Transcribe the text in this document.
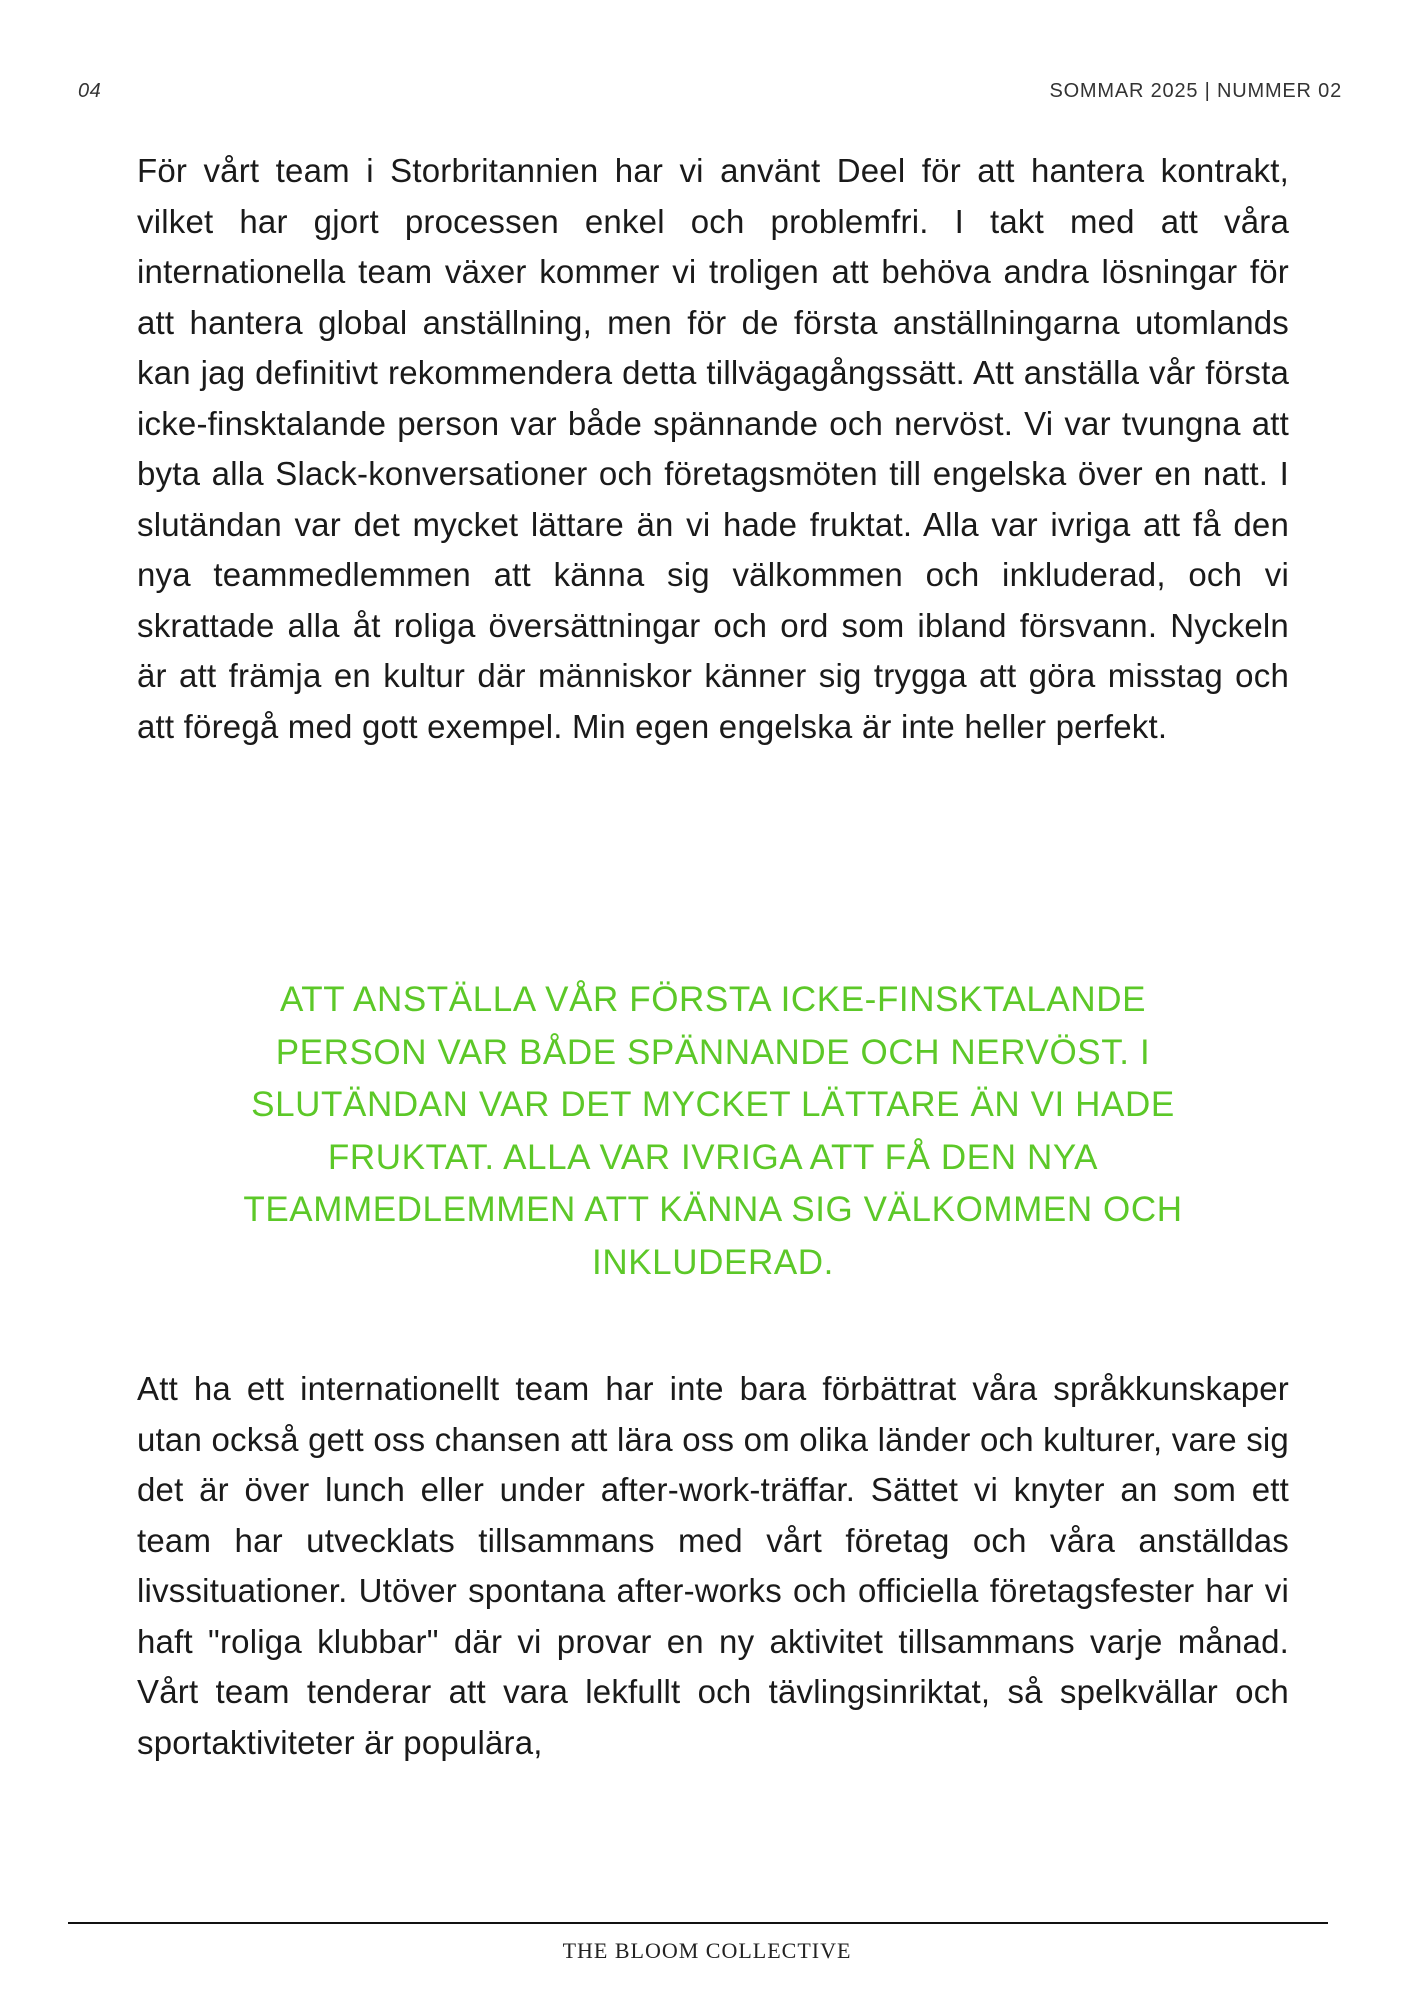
04	SOMMAR 2025 | NUMMER 02

För vårt team i Storbritannien har vi använt Deel för att hantera kontrakt, vilket har gjort processen enkel och problemfri. I takt med att våra internationella team växer kommer vi troligen att behöva andra lösningar för att hantera global anställning, men för de första anställningarna utomlands kan jag definitivt rekommendera detta tillvägagångssätt. Att anställa vår första icke-finsktalande person var både spännande och nervöst. Vi var tvungna att byta alla Slack-konversationer och företagsmöten till engelska över en natt. I slutändan var det mycket lättare än vi hade fruktat. Alla var ivriga att få den nya teammedlemmen att känna sig välkommen och inkluderad, och vi skrattade alla åt roliga översättningar och ord som ibland försvann. Nyckeln är att främja en kultur där människor känner sig trygga att göra misstag och att föregå med gott exempel. Min egen engelska är inte heller perfekt.

ATT ANSTÄLLA VÅR FÖRSTA ICKE-FINSKTALANDE
PERSON VAR BÅDE SPÄNNANDE OCH NERVÖST. I
SLUTÄNDAN VAR DET MYCKET LÄTTARE ÄN VI HADE
FRUKTAT. ALLA VAR IVRIGA ATT FÅ DEN NYA
TEAMMEDLEMMEN ATT KÄNNA SIG VÄLKOMMEN OCH
INKLUDERAD.

Att ha ett internationellt team har inte bara förbättrat våra språkkunskaper utan också gett oss chansen att lära oss om olika länder och kulturer, vare sig det är över lunch eller under after-work-träffar. Sättet vi knyter an som ett team har utvecklats tillsammans med vårt företag och våra anställdas livssituationer. Utöver spontana after-works och officiella företagsfester har vi haft "roliga klubbar" där vi provar en ny aktivitet tillsammans varje månad. Vårt team tenderar att vara lekfullt och tävlingsinriktat, så spelkvällar och sportaktiviteter är populära,

THE BLOOM COLLECTIVE
